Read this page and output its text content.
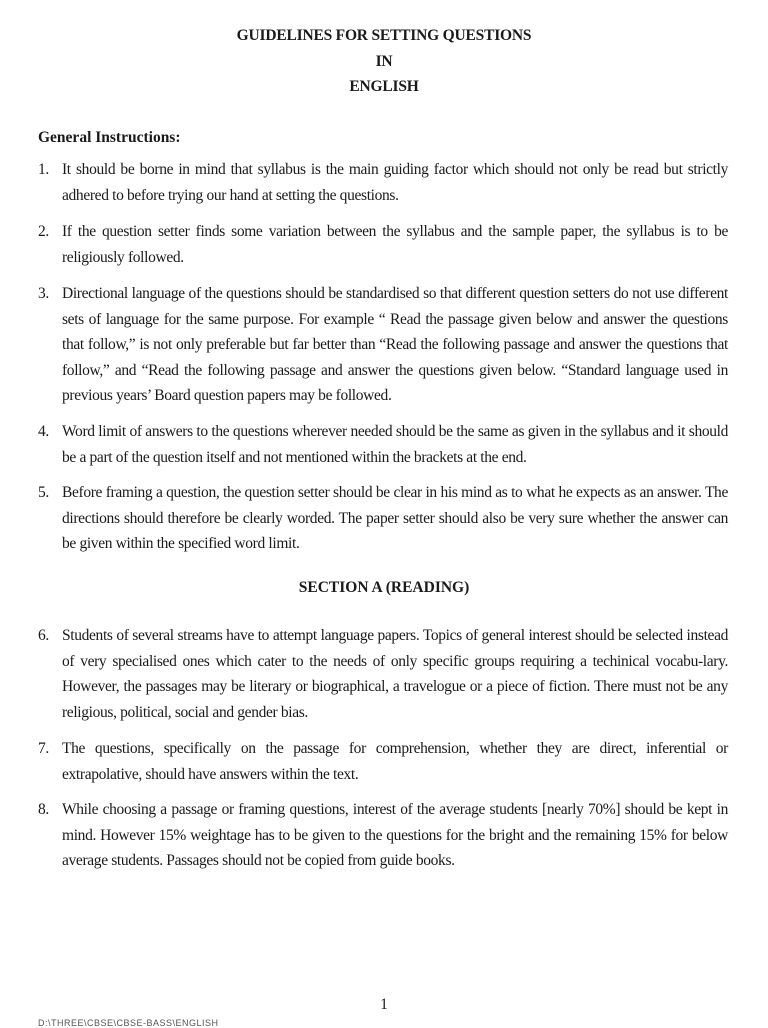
GUIDELINES FOR SETTING QUESTIONS
IN
ENGLISH
General Instructions:
1. It should be borne in mind that syllabus is the main guiding factor which should not only be read but strictly adhered to before trying our hand at setting the questions.
2. If the question setter finds some variation between the syllabus and the sample paper, the syllabus is to be religiously followed.
3. Directional language of the questions should be standardised so that different question setters do not use different sets of language for the same purpose. For example “ Read the passage given below and answer the questions that follow,” is not only preferable but far better than “Read the following passage and answer the questions that follow,” and “Read the following passage and answer the questions given below. “Standard language used in previous years’ Board question papers may be followed.
4. Word limit of answers to the questions wherever needed should be the same as given in the syllabus and it should be a part of the question itself and not mentioned within the brackets at the end.
5. Before framing a question, the question setter should be clear in his mind as to what he expects as an answer. The directions should therefore be clearly worded. The paper setter should also be very sure whether the answer can be given within the specified word limit.
SECTION A (READING)
6. Students of several streams have to attempt language papers. Topics of general interest should be selected instead of very specialised ones which cater to the needs of only specific groups requiring a techinical vocabu-lary. However, the passages may be literary or biographical, a travelogue or a piece of fiction. There must not be any religious, political, social and gender bias.
7. The questions, specifically on the passage for comprehension, whether they are direct, inferential or extrapolative, should have answers within the text.
8. While choosing a passage or framing questions, interest of the average students [nearly 70%] should be kept in mind. However 15% weightage has to be given to the questions for the bright and the remaining 15% for below average students. Passages should not be copied from guide books.
1
D:\THREE\CBSE\CBSE-BASS\ENGLISH
